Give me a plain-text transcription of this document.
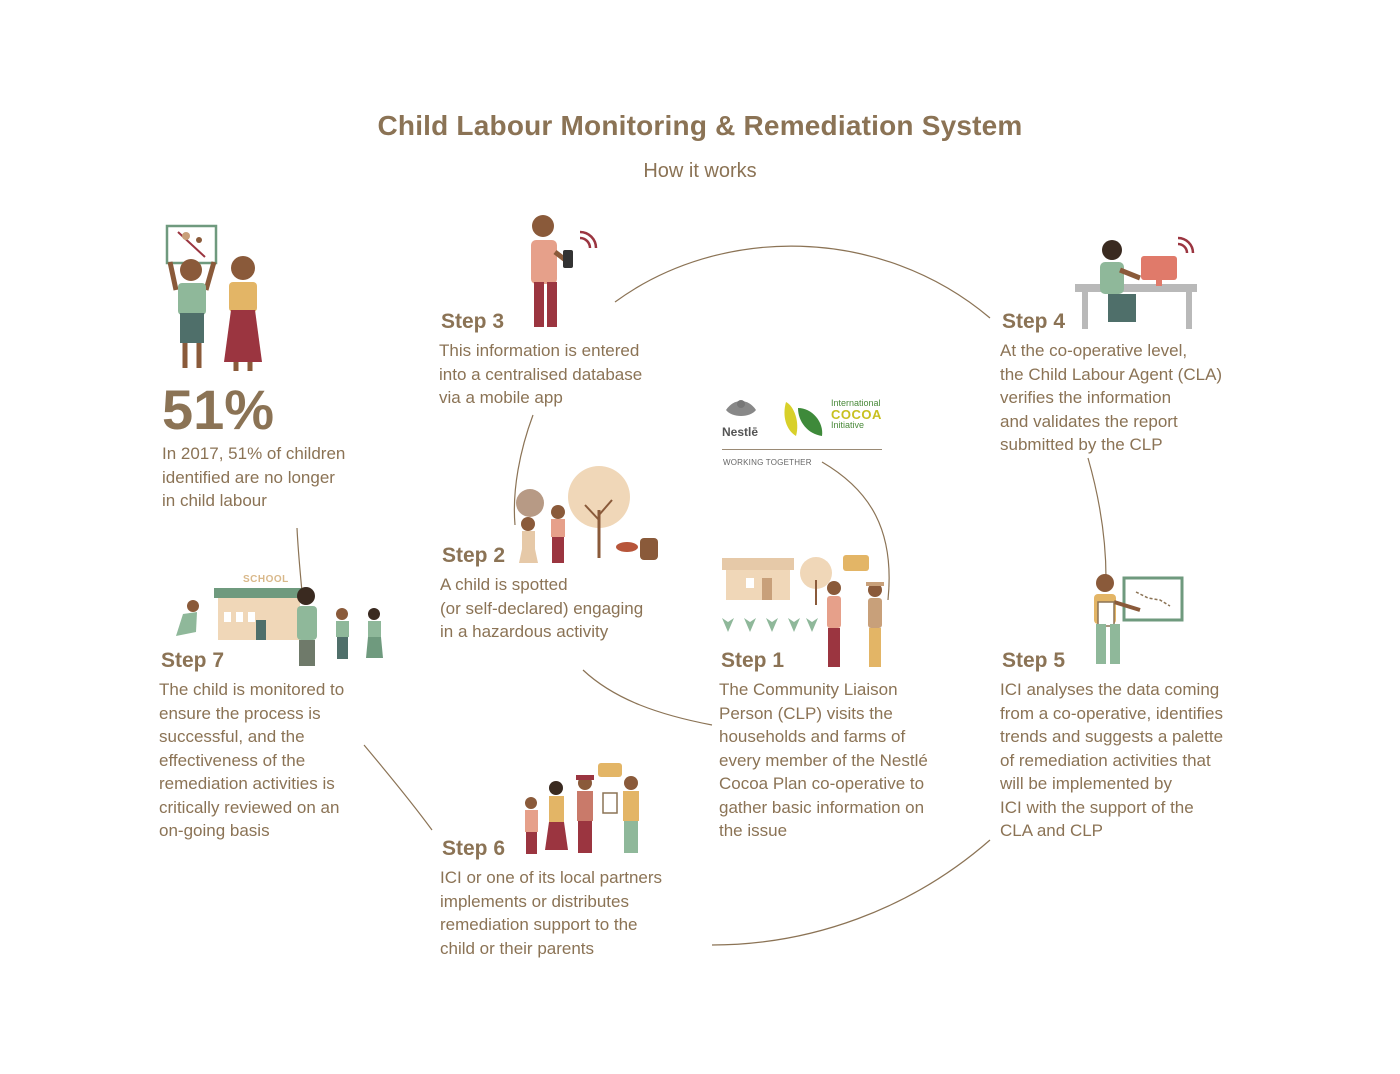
Child Labour Monitoring & Remediation System
How it works
SCHOOL
Nestlē
International
COCOA
Initiative
WORKING TOGETHER
51%
In 2017, 51% of children
identified are no longer
in child labour
Step 1
The Community Liaison
Person (CLP) visits the
households and farms of
every member of the Nestlé
Cocoa Plan co-operative to
gather basic information on
the issue
Step 2
A child is spotted
(or self-declared) engaging
in a hazardous activity
Step 3
This information is entered
into a centralised database
via a mobile app
Step 4
At the co-operative level,
the Child Labour Agent (CLA)
verifies the information
and validates the report
submitted by the CLP
Step 5
ICI analyses the data coming
from a co-operative, identifies
trends and suggests a palette
of remediation activities that
will be implemented by
ICI with the support of the
CLA and CLP
Step 6
ICI or one of its local partners
implements or distributes
remediation support to the
child or their parents
Step 7
The child is monitored to
ensure the process is
successful, and the
effectiveness of the
remediation activities is
critically reviewed on an
on-going basis
